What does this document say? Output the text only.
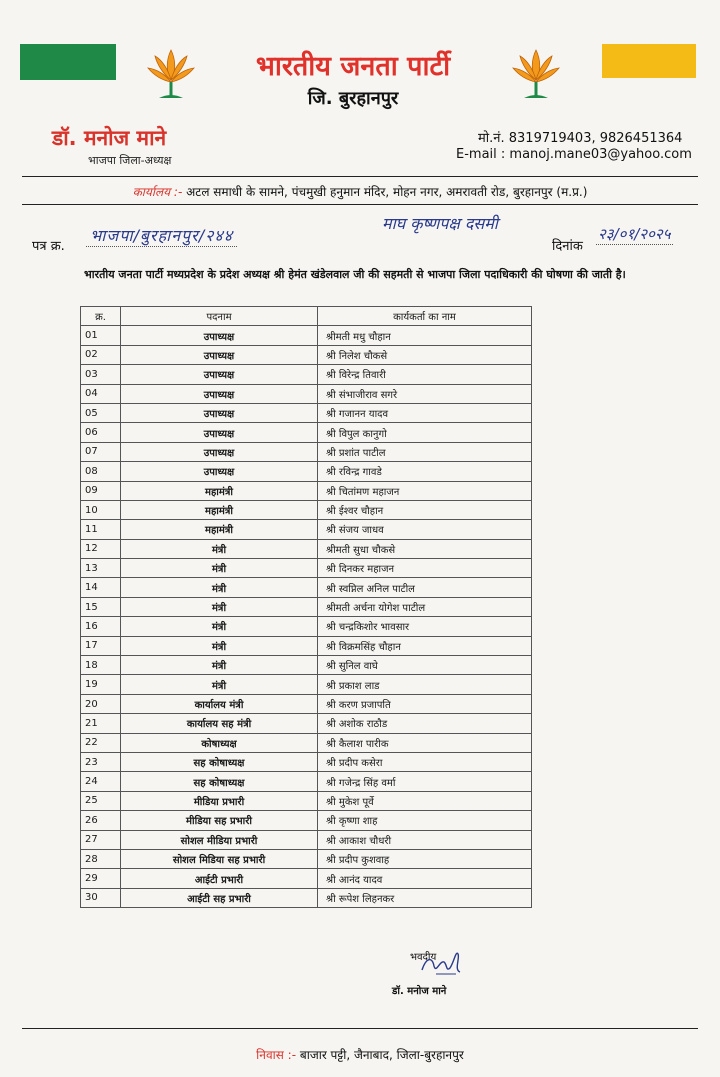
भारतीय जनता पार्टी
जि. बुरहानपुर
डॉ. मनोज माने
भाजपा जिला-अध्यक्ष
मो.नं. 8319719403, 9826451364
E-mail : manoj.mane03@yahoo.com
कार्यालय :- अटल समाधी के सामने, पंचमुखी हनुमान मंदिर, मोहन नगर, अमरावती रोड, बुरहानपुर (म.प्र.)
पत्र क्र.
भाजपा/बुरहानपुर/२४४
माघ कृष्णपक्ष दसमी
दिनांक
२३/०१/२०२५
भारतीय जनता पार्टी मध्यप्रदेश के प्रदेश अध्यक्ष श्री हेमंत खंडेलवाल जी की सहमती से भाजपा जिला पदाधिकारी की घोषणा की जाती है।
क्र.	पदनाम	कार्यकर्ता का नाम
01	उपाध्यक्ष	श्रीमती मधु चौहान
02	उपाध्यक्ष	श्री निलेश चौकसे
03	उपाध्यक्ष	श्री विरेन्द्र तिवारी
04	उपाध्यक्ष	श्री संभाजीराव सगरे
05	उपाध्यक्ष	श्री गजानन यादव
06	उपाध्यक्ष	श्री विपुल कानुगो
07	उपाध्यक्ष	श्री प्रशांत पाटील
08	उपाध्यक्ष	श्री रविन्द्र गावडे
09	महामंत्री	श्री चितांमण महाजन
10	महामंत्री	श्री ईश्वर चौहान
11	महामंत्री	श्री संजय जाधव
12	मंत्री	श्रीमती सुधा चौकसे
13	मंत्री	श्री दिनकर महाजन
14	मंत्री	श्री स्वप्निल अनिल पाटील
15	मंत्री	श्रीमती अर्चना योगेश पाटील
16	मंत्री	श्री चन्द्रकिशोर भावसार
17	मंत्री	श्री विक्रमसिंह चौहान
18	मंत्री	श्री सुनिल वाघे
19	मंत्री	श्री प्रकाश लाड
20	कार्यालय मंत्री	श्री करण प्रजापति
21	कार्यालय सह मंत्री	श्री अशोक राठौड
22	कोषाध्यक्ष	श्री कैलाश पारीक
23	सह कोषाध्यक्ष	श्री प्रदीप कसेरा
24	सह कोषाध्यक्ष	श्री गजेन्द्र सिंह वर्मा
25	मीडिया प्रभारी	श्री मुकेश पूर्वे
26	मीडिया सह प्रभारी	श्री कृष्णा शाह
27	सोशल मीडिया प्रभारी	श्री आकाश चौधरी
28	सोशल मिडिया सह प्रभारी	श्री प्रदीप कुशवाह
29	आईटी प्रभारी	श्री आनंद यादव
30	आईटी सह प्रभारी	श्री रूपेश लिहनकर
भवदीय
डॉ. मनोज माने
निवास :- बाजार पट्टी, जैनाबाद, जिला-बुरहानपुर
